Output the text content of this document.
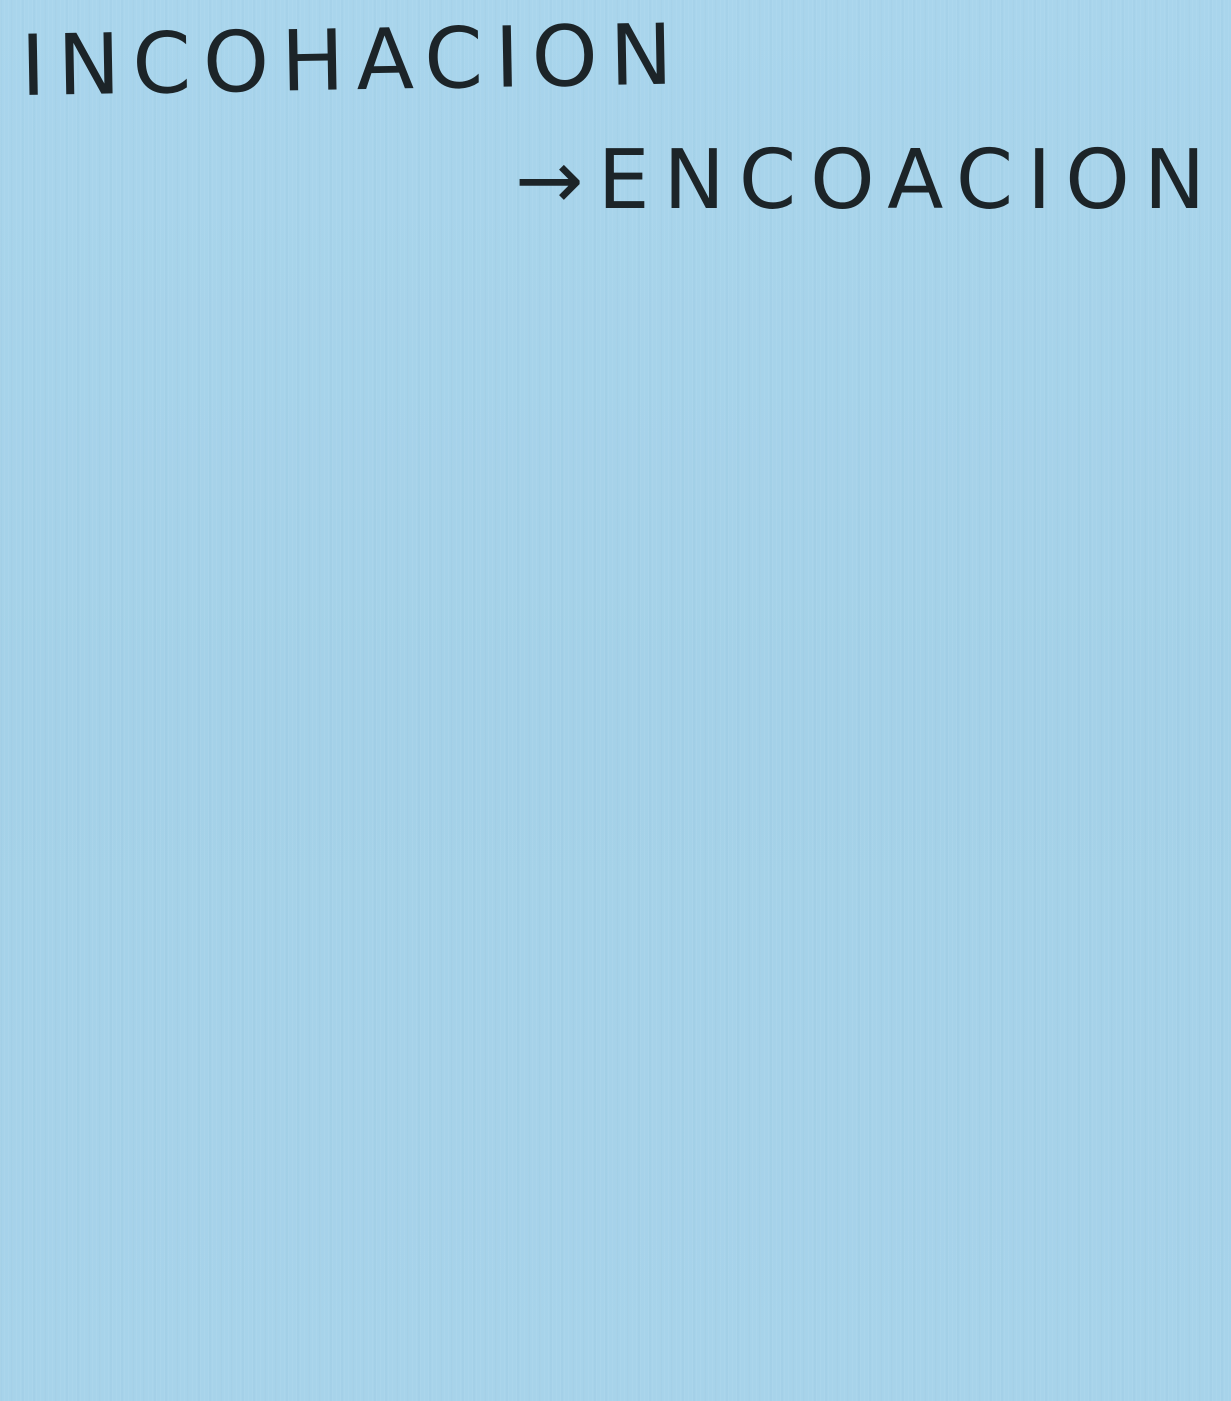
INCOHACION
→ENCOACION
